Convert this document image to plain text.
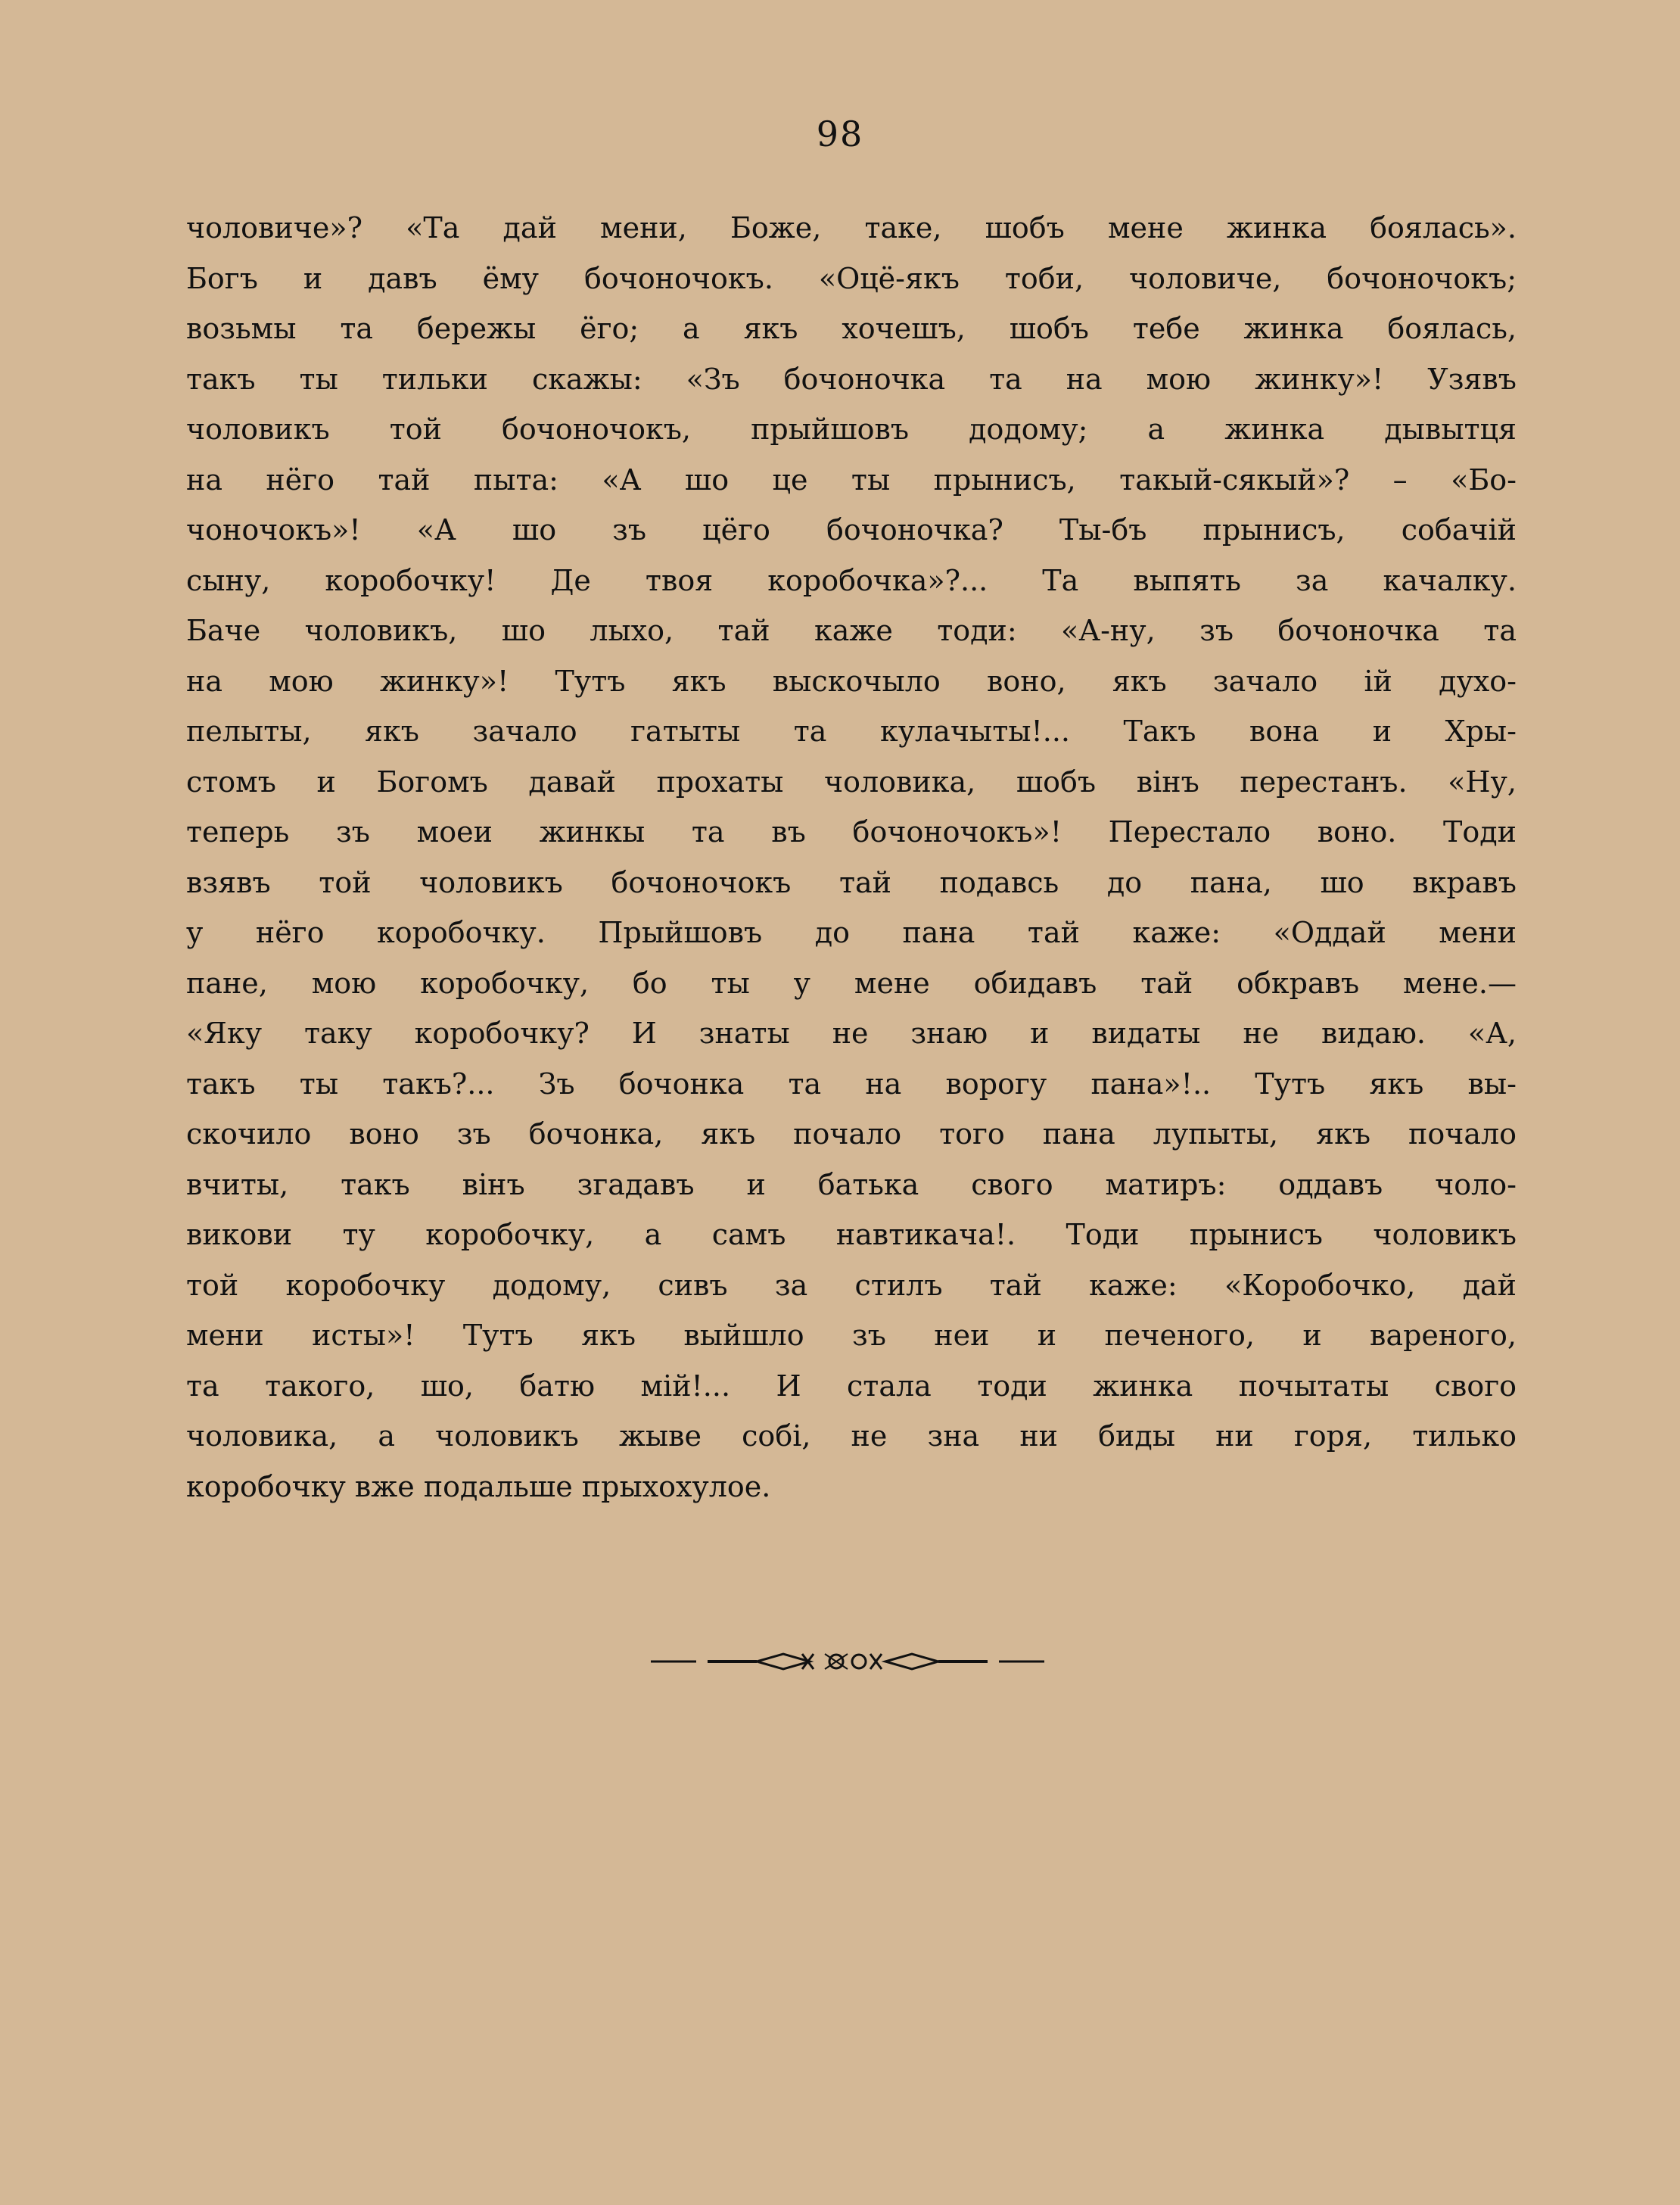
98
чоловиче»? «Та дай мени, Боже, таке, шобъ мене жинка боялась».
Богъ и давъ ёму бочоночокъ. «Оцё-якъ тоби, чоловиче, бочоночокъ;
возьмы та бережы ёго; а якъ хочешъ, шобъ тебе жинка боялась,
такъ ты тильки скажы: «Зъ бочоночка та на мою жинку»! Узявъ
чоловикъ той бочоночокъ, прыйшовъ додому; а жинка дывытця
на нёго тай пыта: «А шо це ты прынисъ, такый-сякый»? – «Бо-
чоночокъ»! «А шо зъ цёго бочоночка? Ты-бъ прынисъ, собачій
сыну, коробочку! Де твоя коробочка»?... Та выпять за качалку.
Баче чоловикъ, шо лыхо, тай каже тоди: «А-ну, зъ бочоночка та
на мою жинку»! Тутъ якъ выскочыло воно, якъ зачало ій духо-
пелыты, якъ зачало гатыты та кулачыты!... Такъ вона и Хры-
стомъ и Богомъ давай прохаты чоловика, шобъ вінъ перестанъ. «Ну,
теперь зъ моеи жинкы та въ бочоночокъ»! Перестало воно. Тоди
взявъ той чоловикъ бочоночокъ тай подавсь до пана, шо вкравъ
у нёго коробочку. Прыйшовъ до пана тай каже: «Оддай мени
пане, мою коробочку, бо ты у мене обидавъ тай обкравъ мене.—
«Яку таку коробочку? И знаты не знаю и видаты не видаю. «А,
такъ ты такъ?... Зъ бочонка та на ворогу пана»!.. Тутъ якъ вы-
скочило воно зъ бочонка, якъ почало того пана лупыты, якъ почало
вчиты, такъ вінъ згадавъ и батька свого матиръ: оддавъ чоло-
викови ту коробочку, а самъ навтикача!. Тоди прынисъ чоловикъ
той коробочку додому, сивъ за стилъ тай каже: «Коробочко, дай
мени исты»! Тутъ якъ выйшло зъ неи и печеного, и вареного,
та такого, шо, батю мій!... И стала тоди жинка почытаты свого
чоловика, а чоловикъ жыве собі, не зна ни биды ни горя, тилько
коробочку вже подальше прыхохулое.
